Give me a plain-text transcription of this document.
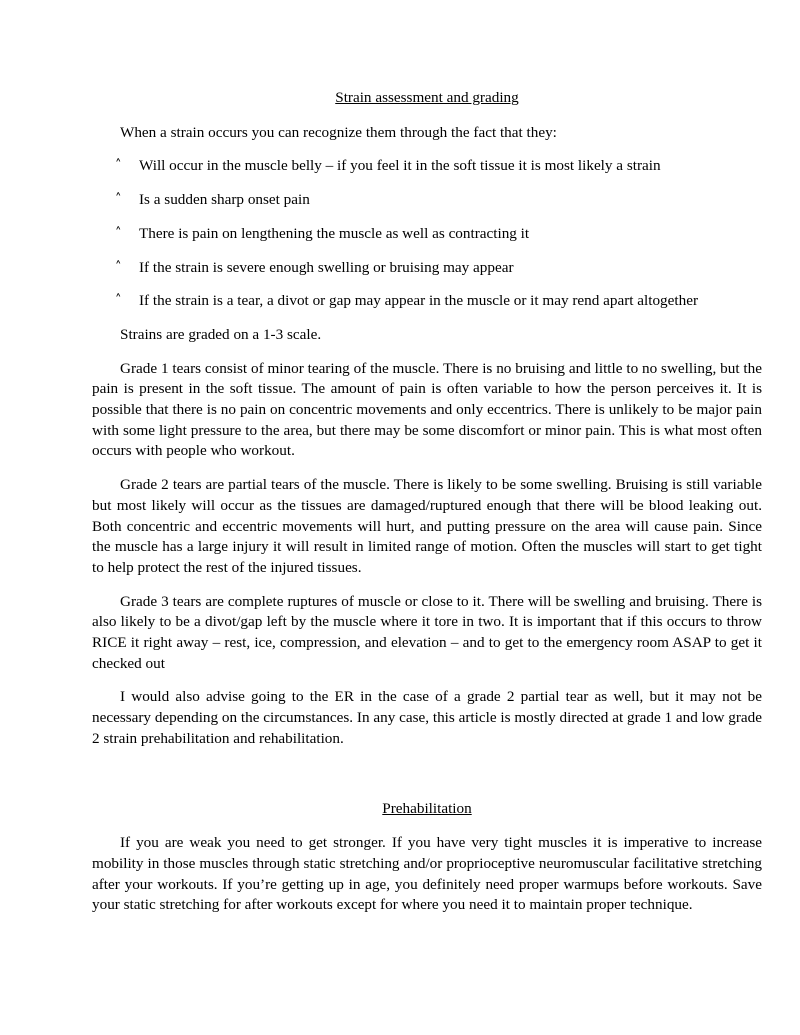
Strain assessment and grading

When a strain occurs you can recognize them through the fact that they:

˄ Will occur in the muscle belly – if you feel it in the soft tissue it is most likely a strain
˄ Is a sudden sharp onset pain
˄ There is pain on lengthening the muscle as well as contracting it
˄ If the strain is severe enough swelling or bruising may appear
˄ If the strain is a tear, a divot or gap may appear in the muscle or it may rend apart altogether

Strains are graded on a 1-3 scale.

Grade 1 tears consist of minor tearing of the muscle. There is no bruising and little to no swelling, but the pain is present in the soft tissue. The amount of pain is often variable to how the person perceives it. It is possible that there is no pain on concentric movements and only eccentrics. There is unlikely to be major pain with some light pressure to the area, but there may be some discomfort or minor pain. This is what most often occurs with people who workout.

Grade 2 tears are partial tears of the muscle. There is likely to be some swelling. Bruising is still variable but most likely will occur as the tissues are damaged/ruptured enough that there will be blood leaking out. Both concentric and eccentric movements will hurt, and putting pressure on the area will cause pain. Since the muscle has a large injury it will result in limited range of motion. Often the muscles will start to get tight to help protect the rest of the injured tissues.

Grade 3 tears are complete ruptures of muscle or close to it. There will be swelling and bruising. There is also likely to be a divot/gap left by the muscle where it tore in two. It is important that if this occurs to throw RICE it right away – rest, ice, compression, and elevation – and to get to the emergency room ASAP to get it checked out

I would also advise going to the ER in the case of a grade 2 partial tear as well, but it may not be necessary depending on the circumstances. In any case, this article is mostly directed at grade 1 and low grade 2 strain prehabilitation and rehabilitation.

Prehabilitation

If you are weak you need to get stronger. If you have very tight muscles it is imperative to increase mobility in those muscles through static stretching and/or proprioceptive neuromuscular facilitative stretching after your workouts. If you’re getting up in age, you definitely need proper warmups before workouts. Save your static stretching for after workouts except for where you need it to maintain proper technique.
